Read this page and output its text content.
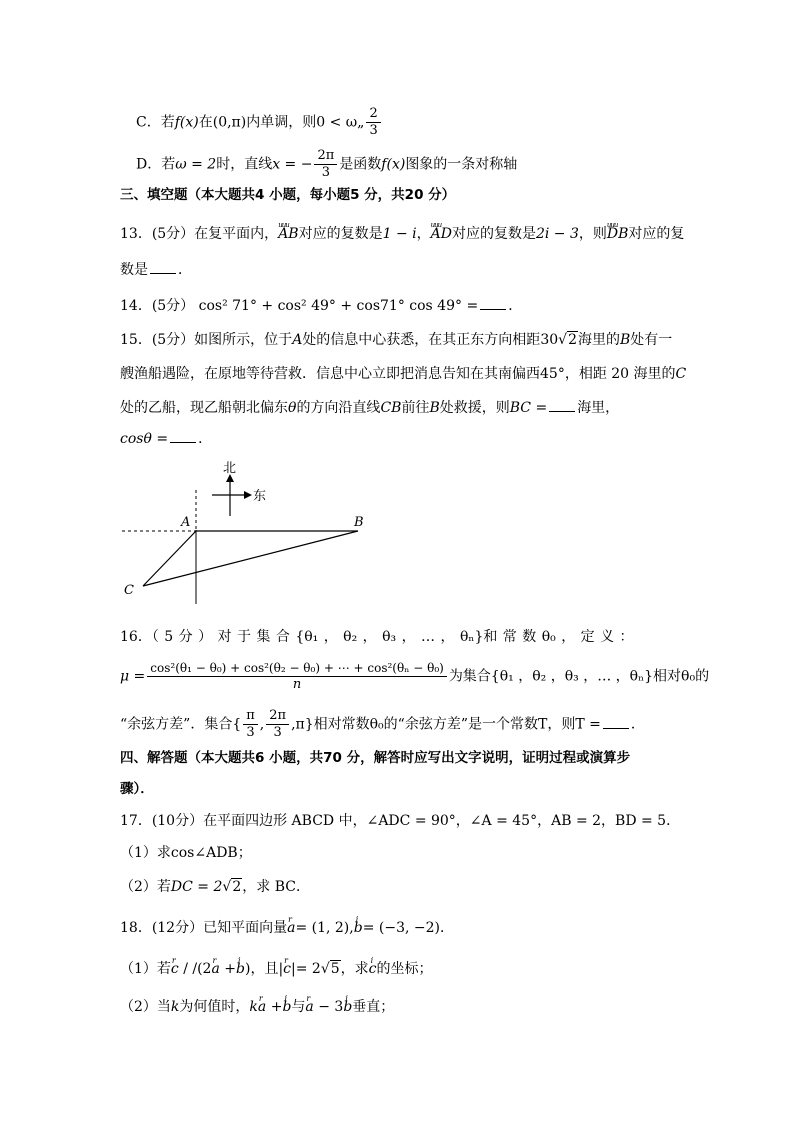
C．若f(x)在(0,π)内单调，则0 < ω„ $\frac{2}{3}$
D．若ω = 2时，直线x = − $\frac{2\pi}{3}$ 是函数f(x)图象的一条对称轴
三、填空题（本大题共4 小题，每小题5 分，共20 分）
13．(5分）在复平面内，uuu AB对应的复数是1 − i，uuu AD对应的复数是2i − 3，则uuu DB对应的复
数是 ．
14．(5分） cos² 71° + cos² 49° + cos71° cos 49° = ．
15．(5分）如图所示，位于A处的信息中心获悉，在其正东方向相距30√2海里的B处有一
艘渔船遇险，在原地等待营救．信息中心立即把消息告知在其南偏西45°，相距 20 海里的C
处的乙船，现乙船朝北偏东θ的方向沿直线CB前往B处救援，则BC = 海里，
cosθ = ．
北
东
A	B
C
16．（ 5 分 ） 对 于 集 合 {θ₁ ， θ₂ ， θ₃ ， … ， θₙ}和 常 数 θ₀ ， 定 义 ：
$\mu = \frac{\text{cos²(θ₁ − θ₀) + cos²(θ₂ − θ₀) + ⋯ + cos²(θₙ − θ₀)}}{n}$ 为集合{θ₁ ，θ₂ ，θ₃ ，… ，θₙ}相对θ₀的
“余弦方差”．集合{ $\frac{\pi}{3}$ , $\frac{2\pi}{3} ,\pi$}相对常数θ₀的“余弦方差”是一个常数T，则T = ．
四、解答题（本大题共6 小题，共70 分，解答时应写出文字说明，证明过程或演算步
骤）．
17．(10分）在平面四边形 ABCD 中，∠ADC = 90°，∠A = 45°，AB = 2，BD = 5．
（1）求cos∠ADB；
（2）若DC = 2√2，求 BC．
18．(12分）已知平面向量r a= (1, 2),i b= (−3, −2)．
（1）若r c / /(2r a +i b)，且|r c|= 2√5，求i c的坐标；
（2）当k为何值时，kr a +i b与r a − 3i b垂直；
